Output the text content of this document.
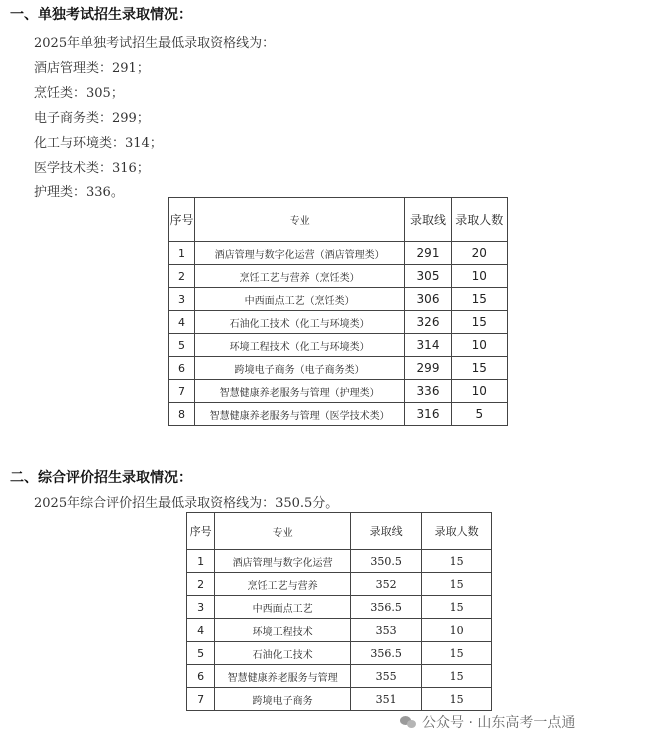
一、单独考试招生录取情况：
2025年单独考试招生最低录取资格线为：
酒店管理类：291；
烹饪类：305；
电子商务类：299；
化工与环境类：314；
医学技术类：316；
护理类：336。
序号	专业	录取线	录取人数
1	酒店管理与数字化运营（酒店管理类）	291	20
2	烹饪工艺与营养（烹饪类）	305	10
3	中西面点工艺（烹饪类）	306	15
4	石油化工技术（化工与环境类）	326	15
5	环境工程技术（化工与环境类）	314	10
6	跨境电子商务（电子商务类）	299	15
7	智慧健康养老服务与管理（护理类）	336	10
8	智慧健康养老服务与管理（医学技术类）	316	5
二、综合评价招生录取情况：
2025年综合评价招生最低录取资格线为：350.5分。
序号	专业	录取线	录取人数
1	酒店管理与数字化运营	350.5	15
2	烹饪工艺与营养	352	15
3	中西面点工艺	356.5	15
4	环境工程技术	353	10
5	石油化工技术	356.5	15
6	智慧健康养老服务与管理	355	15
7	跨境电子商务	351	15
公众号 · 山东高考一点通
